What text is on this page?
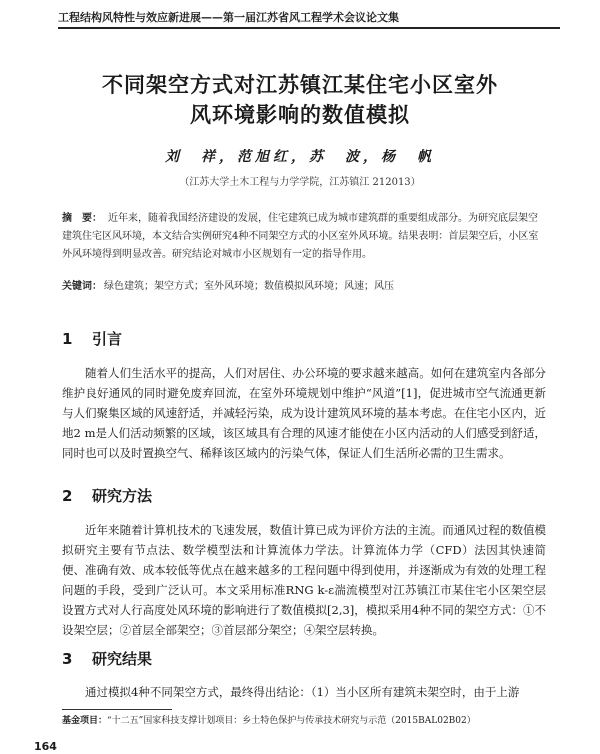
工程结构风特性与效应新进展——第一届江苏省风工程学术会议论文集
不同架空方式对江苏镇江某住宅小区室外
风环境影响的数值模拟
刘　祥，范旭红，苏　波，杨　帆
（江苏大学土木工程与力学学院，江苏镇江 212013）
摘　要： 近年来，随着我国经济建设的发展，住宅建筑已成为城市建筑群的重要组成部分。为研究底层架空建筑住宅区风环境，本文结合实例研究4种不同架空方式的小区室外风环境。结果表明：首层架空后，小区室外风环境得到明显改善。研究结论对城市小区规划有一定的指导作用。
关键词： 绿色建筑；架空方式；室外风环境；数值模拟风环境；风速；风压
1 引言
随着人们生活水平的提高，人们对居住、办公环境的要求越来越高。如何在建筑室内各部分维护良好通风的同时避免废弃回流，在室外环境规划中维护“风道”[1]，促进城市空气流通更新与人们聚集区域的风速舒适，并减轻污染，成为设计建筑风环境的基本考虑。在住宅小区内，近地2 m是人们活动频繁的区域，该区域具有合理的风速才能使在小区内活动的人们感受到舒适，同时也可以及时置换空气、稀释该区域内的污染气体，保证人们生活所必需的卫生需求。
2 研究方法
近年来随着计算机技术的飞速发展，数值计算已成为评价方法的主流。而通风过程的数值模拟研究主要有节点法、数学模型法和计算流体力学法。计算流体力学（CFD）法因其快速简便、准确有效、成本较低等优点在越来越多的工程问题中得到使用，并逐渐成为有效的处理工程问题的手段，受到广泛认可。本文采用标准RNG k-ε湍流模型对江苏镇江市某住宅小区架空层设置方式对人行高度处风环境的影响进行了数值模拟[2,3]，模拟采用4种不同的架空方式：①不设架空层；②首层全部架空；③首层部分架空；④架空层转换。
3 研究结果
通过模拟4种不同架空方式，最终得出结论：（1）当小区所有建筑未架空时，由于上游
基金项目：“十二五”国家科技支撑计划项目：乡土特色保护与传承技术研究与示范（2015BAL02B02）
164
